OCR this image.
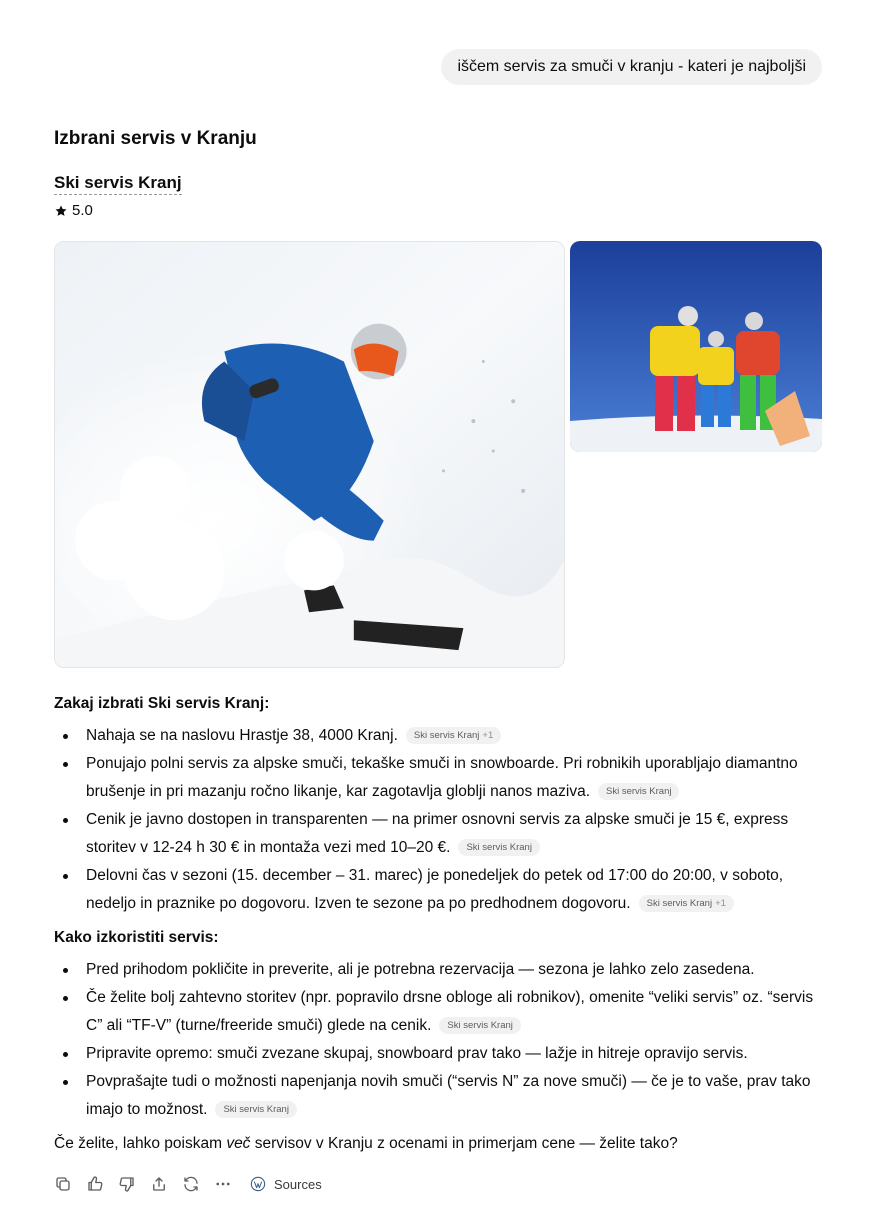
iščem servis za smuči v kranju - kateri je najboljši
Izbrani servis v Kranju
Ski servis Kranj
5.0
Zakaj izbrati Ski servis Kranj:
Nahaja se na naslovu Hrastje 38, 4000 Kranj. Ski servis Kranj +1
Ponujajo polni servis za alpske smuči, tekaške smuči in snowboarde. Pri robnikih uporabljajo diamantno brušenje in pri mazanju ročno likanje, kar zagotavlja globlji nanos maziva. Ski servis Kranj
Cenik je javno dostopen in transparenten — na primer osnovni servis za alpske smuči je 15 €, express storitev v 12-24 h 30 € in montaža vezi med 10–20 €. Ski servis Kranj
Delovni čas v sezoni (15. december – 31. marec) je ponedeljek do petek od 17:00 do 20:00, v soboto, nedeljo in praznike po dogovoru. Izven te sezone pa po predhodnem dogovoru. Ski servis Kranj +1
Kako izkoristiti servis:
Pred prihodom pokličite in preverite, ali je potrebna rezervacija — sezona je lahko zelo zasedena.
Če želite bolj zahtevno storitev (npr. popravilo drsne obloge ali robnikov), omenite “veliki servis” oz. “servis C” ali “TF-V” (turne/freeride smuči) glede na cenik. Ski servis Kranj
Pripravite opremo: smuči zvezane skupaj, snowboard prav tako — lažje in hitreje opravijo servis.
Povprašajte tudi o možnosti napenjanja novih smuči (“servis N” za nove smuči) — če je to vaše, prav tako imajo to možnost. Ski servis Kranj
Če želite, lahko poiskam več servisov v Kranju z ocenami in primerjam cene — želite tako?
Sources
